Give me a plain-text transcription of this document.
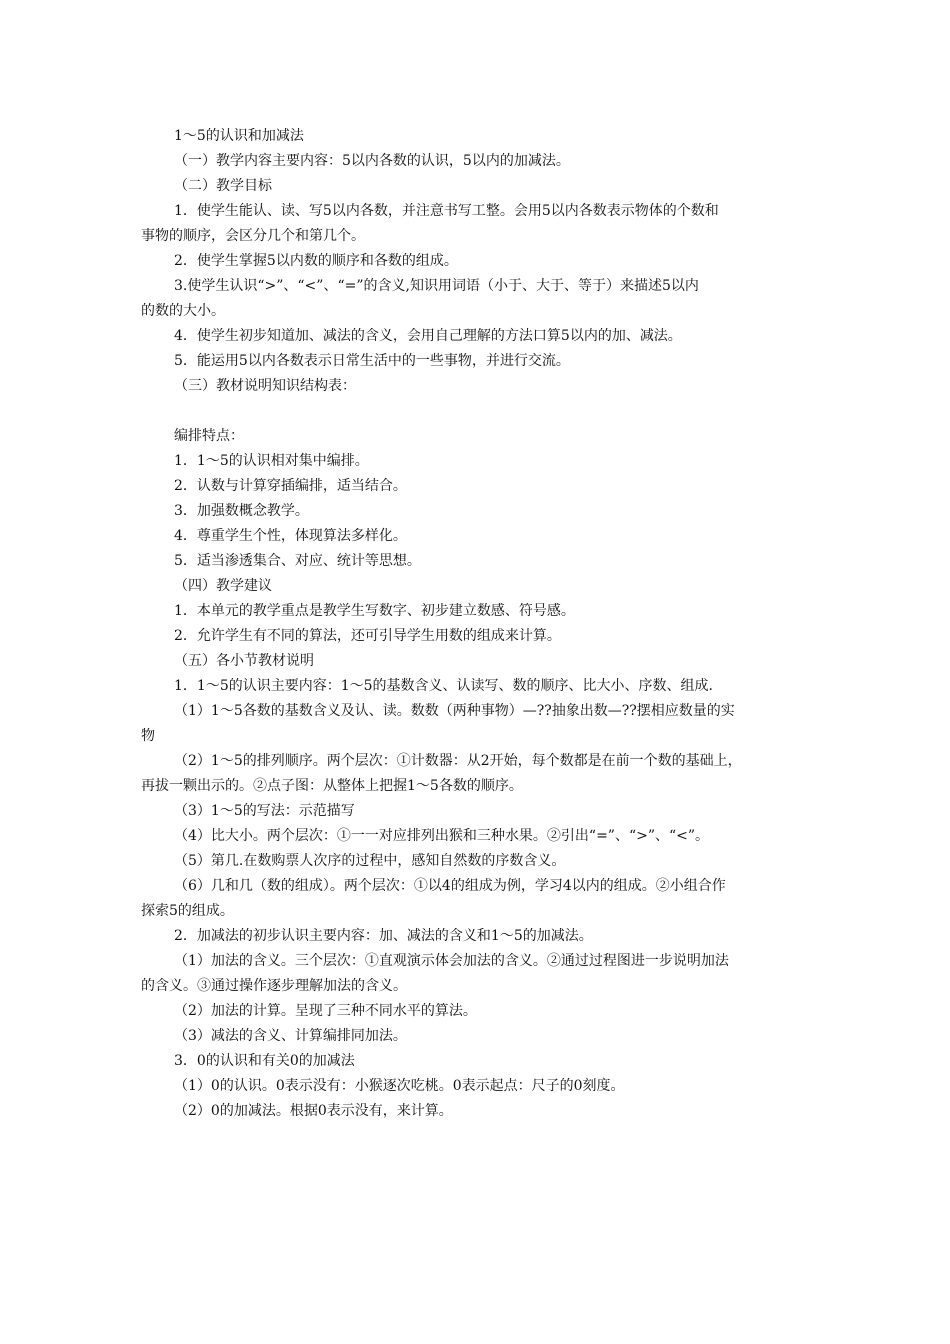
1～5的认识和加减法
（一）教学内容主要内容：5以内各数的认识，5以内的加减法。
（二）教学目标
1．使学生能认、读、写5以内各数，并注意书写工整。会用5以内各数表示物体的个数和
事物的顺序，会区分几个和第几个。
2．使学生掌握5以内数的顺序和各数的组成。
3.使学生认识“>”、“<”、“=”的含义,知识用词语（小于、大于、等于）来描述5以内
的数的大小。
4．使学生初步知道加、减法的含义，会用自己理解的方法口算5以内的加、减法。
5．能运用5以内各数表示日常生活中的一些事物，并进行交流。
（三）教材说明知识结构表：
编排特点：
1．1～5的认识相对集中编排。
2．认数与计算穿插编排，适当结合。
3．加强数概念教学。
4．尊重学生个性，体现算法多样化。
5．适当渗透集合、对应、统计等思想。
（四）教学建议
1．本单元的教学重点是教学生写数字、初步建立数感、符号感。
2．允许学生有不同的算法，还可引导学生用数的组成来计算。
（五）各小节教材说明
1．1～5的认识主要内容：1～5的基数含义、认读写、数的顺序、比大小、序数、组成.
（1）1～5各数的基数含义及认、读。数数（两种事物）—??抽象出数—??摆相应数量的实
物
（2）1～5的排列顺序。两个层次：①计数器：从2开始，每个数都是在前一个数的基础上，
再拔一颗出示的。②点子图：从整体上把握1～5各数的顺序。
（3）1～5的写法：示范描写
（4）比大小。两个层次：①一一对应排列出猴和三种水果。②引出“=”、“>”、“<”。
（5）第几.在数购票人次序的过程中，感知自然数的序数含义。
（6）几和几（数的组成）。两个层次：①以4的组成为例，学习4以内的组成。②小组合作
探索5的组成。
2．加减法的初步认识主要内容：加、减法的含义和1～5的加减法。
（1）加法的含义。三个层次：①直观演示体会加法的含义。②通过过程图进一步说明加法
的含义。③通过操作逐步理解加法的含义。
（2）加法的计算。呈现了三种不同水平的算法。
（3）减法的含义、计算编排同加法。
3．0的认识和有关0的加减法
（1）0的认识。0表示没有：小猴逐次吃桃。0表示起点：尺子的0刻度。
（2）0的加减法。根据0表示没有，来计算。
